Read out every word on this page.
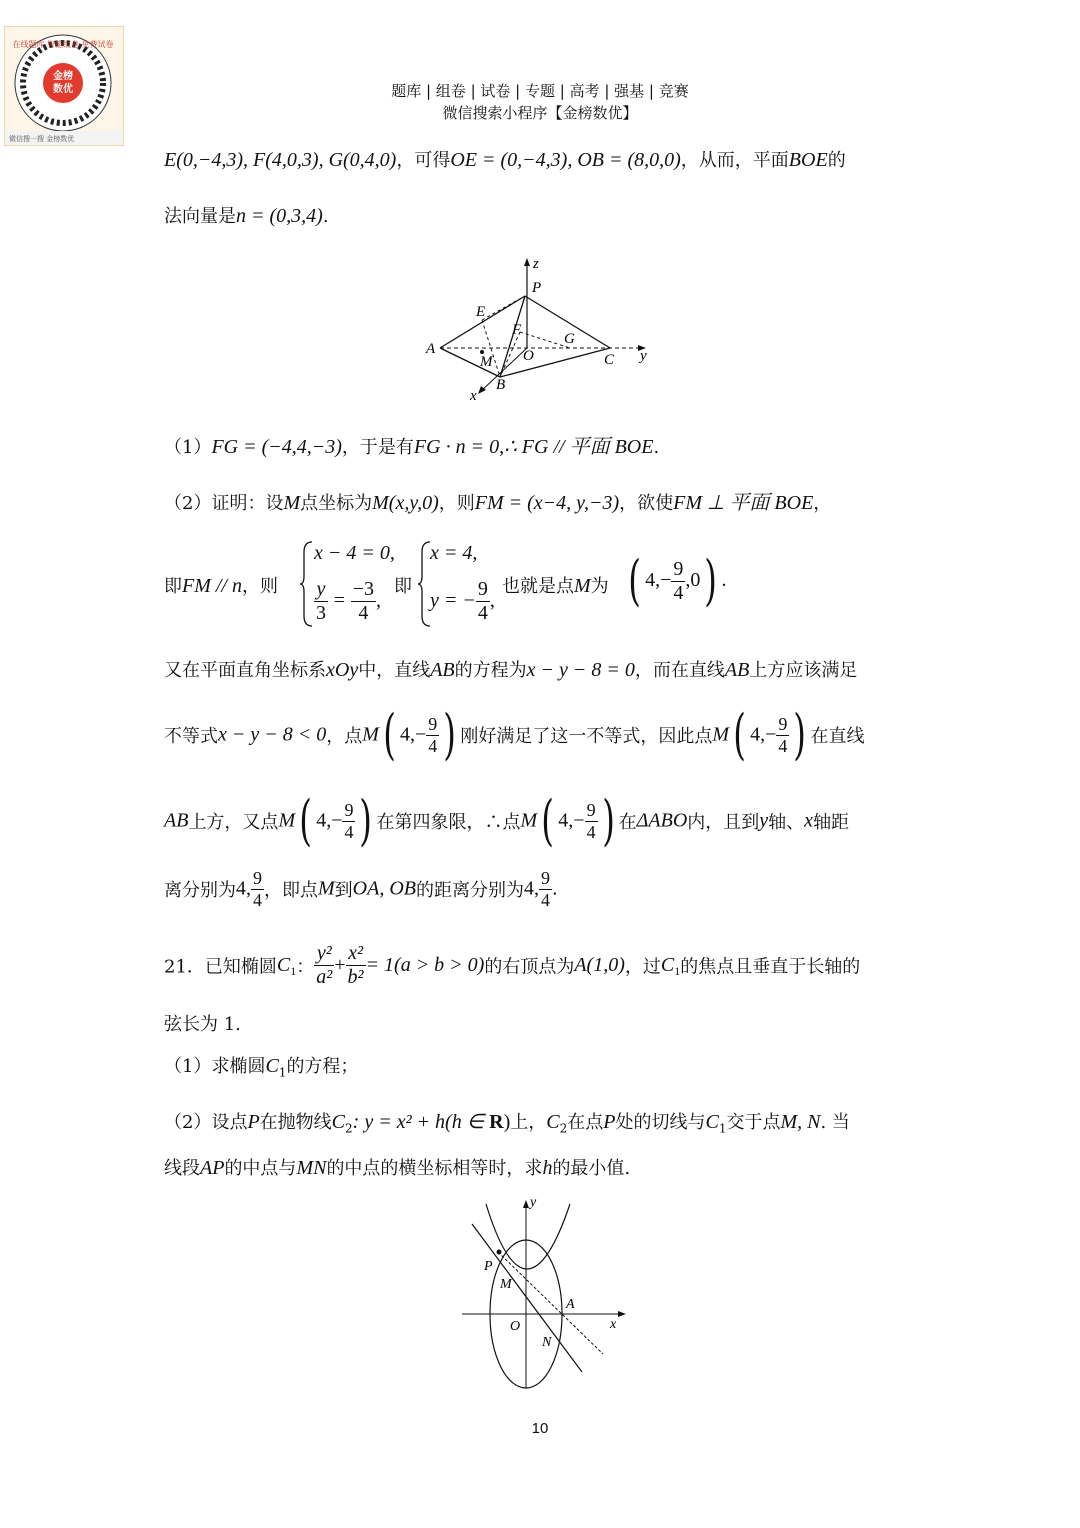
金榜
数优
在线题库 智能组卷 免费试卷
微信搜一搜 金榜数优
题库 | 组卷 | 试卷 | 专题 | 高考 | 强基 | 竞赛
微信搜索小程序【金榜数优】
E(0,−4,3), F(4,0,3), G(0,4,0)，可得OE = (0,−4,3), OB = (8,0,0)，从而，平面BOE的
法向量是n = (0,3,4).
z
P
E
F
G
A
M O	C y
B
x
（1）FG = (−4,4,−3)，于是有FG · n = 0,∴ FG // 平面 BOE.
（2）证明：设M点坐标为M(x,y,0)，则FM = (x−4, y,−3)，欲使FM ⊥ 平面 BOE，
即FM // n，则
x − 4 = 0,
$\frac{y}{3} = \frac{-3}{4}$ ,
即
x = 4,
y = − $\frac{9}{4}$ ,
也就是点M为 ( $4,- \frac{9}{4} ,0$) .
又在平面直角坐标系xOy中，直线AB的方程为x − y − 8 = 0，而在直线AB上方应该满足
不等式x − y − 8 < 0，点M( $4,- \frac{9}{4}$ ) 刚好满足了这一不等式，因此点M( $4,- \frac{9}{4}$ ) 在直线
AB上方，又点M( $4,- \frac{9}{4}$ ) 在第四象限，∴点M( $4,- \frac{9}{4}$ ) 在ΔABO内，且到y轴、x轴距
离分别为4, $\frac{9}{4}$ ，即点M到OA, OB的距离分别为4, $\frac{9}{4}$ .
21．已知椭圆$C_1$： $\frac{\text{y²}}{\text{a²}} + \frac{\text{x²}}{\text{b²}} = 1(a > b > 0)$的右顶点为A(1,0)，过$C_1$的焦点且垂直于长轴的
弦长为 1.
（1）求椭圆$C_1$的方程；
（2）设点P在抛物线$C_2$: y = x² + h(h ∈ R)上，$C_2$在点P处的切线与$C_1$交于点M, N. 当
线段AP的中点与MN的中点的横坐标相等时，求h的最小值.
y
P
M
A
O
N
x
10
